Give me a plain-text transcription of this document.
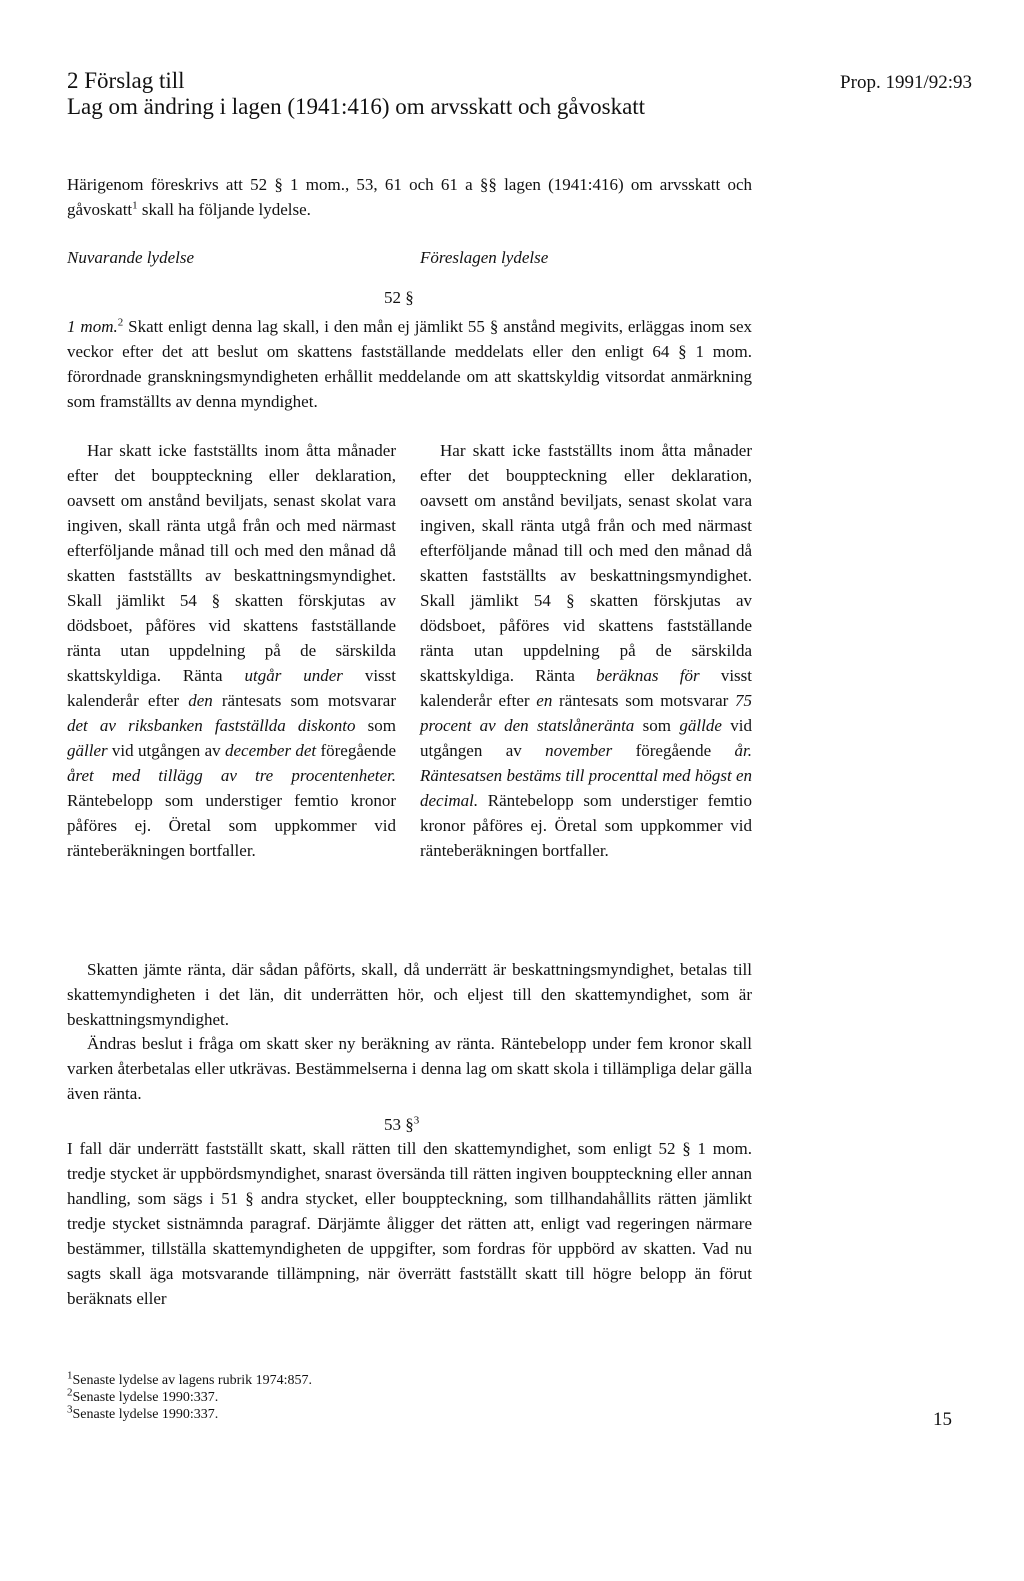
2 Förslag till
Lag om ändring i lagen (1941:416) om arvsskatt och gåvoskatt
Prop. 1991/92:93
Härigenom föreskrivs att 52 § 1 mom., 53, 61 och 61 a §§ lagen (1941:416) om arvsskatt och gåvoskatt$^1$ skall ha följande lydelse.
Nuvarande lydelse	Föreslagen lydelse
52 §
1 mom.$^2$ Skatt enligt denna lag skall, i den mån ej jämlikt 55 § anstånd megivits, erläggas inom sex veckor efter det att beslut om skattens fastställande meddelats eller den enligt 64 § 1 mom. förordnade granskningsmyndigheten erhållit meddelande om att skattskyldig vitsordat anmärkning som framställts av denna myndighet.
Har skatt icke fastställts inom åtta månader efter det bouppteckning eller deklaration, oavsett om anstånd beviljats, senast skolat vara ingiven, skall ränta utgå från och med närmast efterföljande månad till och med den månad då skatten fastställts av beskattningsmyndighet. Skall jämlikt 54 § skatten förskjutas av dödsboet, påföres vid skattens fastställande ränta utan uppdelning på de särskilda skattskyldiga. Ränta utgår under visst kalenderår efter den räntesats som motsvarar det av riksbanken fastställda diskonto som gäller vid utgången av december det föregående året med tillägg av tre procentenheter. Räntebelopp som understiger femtio kronor påföres ej. Öretal som uppkommer vid ränteberäkningen bortfaller.
Har skatt icke fastställts inom åtta månader efter det bouppteckning eller deklaration, oavsett om anstånd beviljats, senast skolat vara ingiven, skall ränta utgå från och med närmast efterföljande månad till och med den månad då skatten fastställts av beskattningsmyndighet. Skall jämlikt 54 § skatten förskjutas av dödsboet, påföres vid skattens fastställande ränta utan uppdelning på de särskilda skattskyldiga. Ränta beräknas för visst kalenderår efter en räntesats som motsvarar 75 procent av den statslåneränta som gällde vid utgången av november föregående år. Räntesatsen bestäms till procenttal med högst en decimal. Räntebelopp som understiger femtio kronor påföres ej. Öretal som uppkommer vid ränteberäkningen bortfaller.
Skatten jämte ränta, där sådan påförts, skall, då underrätt är beskattningsmyndighet, betalas till skattemyndigheten i det län, dit underrätten hör, och eljest till den skattemyndighet, som är beskattningsmyndighet.
Ändras beslut i fråga om skatt sker ny beräkning av ränta. Räntebelopp under fem kronor skall varken återbetalas eller utkrävas. Bestämmelserna i denna lag om skatt skola i tillämpliga delar gälla även ränta.
53 §$^3$
I fall där underrätt fastställt skatt, skall rätten till den skattemyndighet, som enligt 52 § 1 mom. tredje stycket är uppbördsmyndighet, snarast översända till rätten ingiven bouppteckning eller annan handling, som sägs i 51 § andra stycket, eller bouppteckning, som tillhandahållits rätten jämlikt tredje stycket sistnämnda paragraf. Därjämte åligger det rätten att, enligt vad regeringen närmare bestämmer, tillställa skattemyndigheten de uppgifter, som fordras för uppbörd av skatten. Vad nu sagts skall äga motsvarande tillämpning, när överrätt fastställt skatt till högre belopp än förut beräknats eller
$^1$Senaste lydelse av lagens rubrik 1974:857.
$^2$Senaste lydelse 1990:337.
$^3$Senaste lydelse 1990:337.	15
